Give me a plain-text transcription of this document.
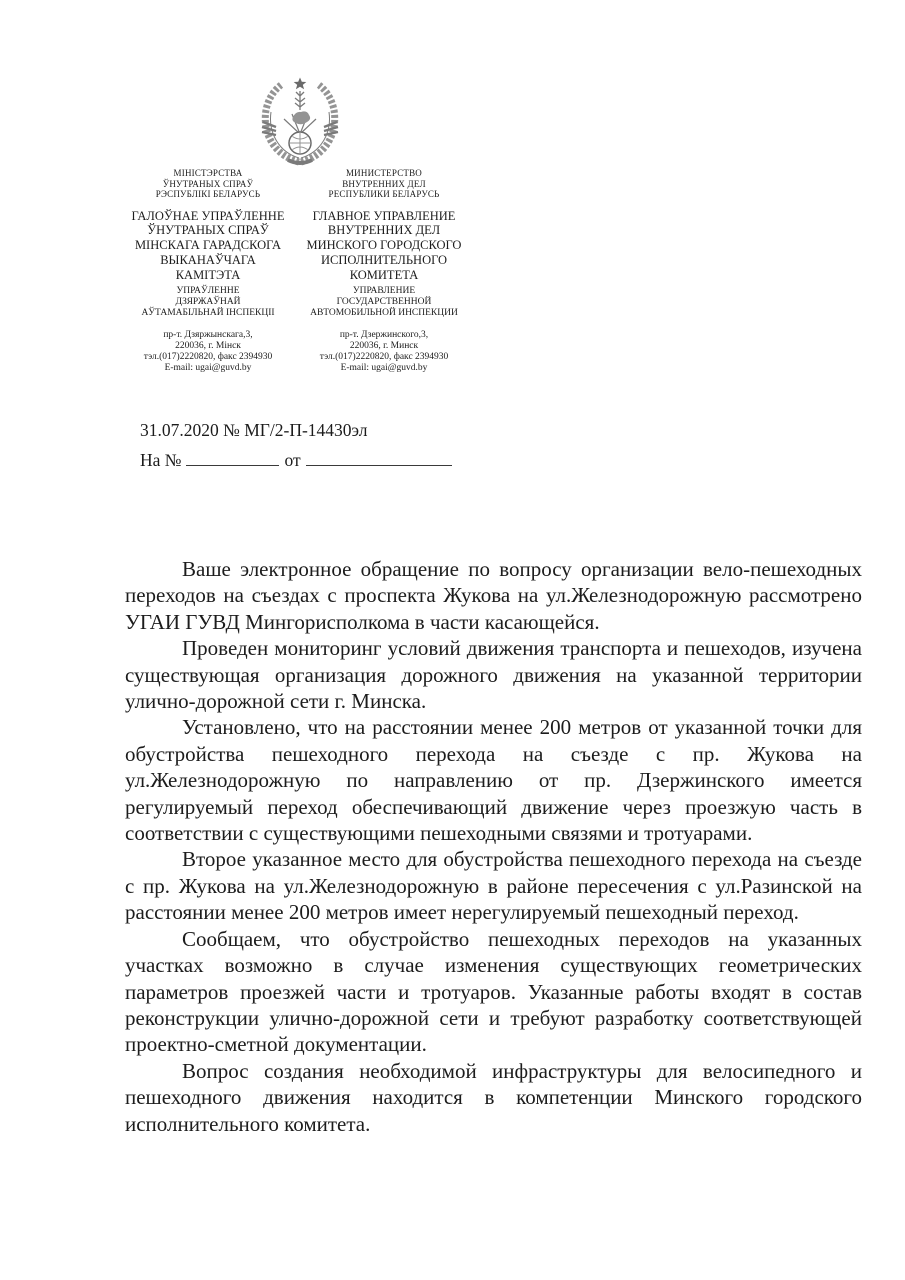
МІНІСТЭРСТВА
ЎНУТРАНЫХ СПРАЎ
РЭСПУБЛІКІ БЕЛАРУСЬ
ГАЛОЎНАЕ УПРАЎЛЕННЕ
ЎНУТРАНЫХ СПРАЎ
МІНСКАГА ГАРАДСКОГА
ВЫКАНАЎЧАГА
КАМІТЭТА
УПРАЎЛЕННЕ
ДЗЯРЖАЎНАЙ
АЎТАМАБІЛЬНАЙ ІНСПЕКЦІІ
пр-т. Дзяржынскага,3,
220036, г. Мінск
тэл.(017)2220820, факс 2394930
E-mail: ugai@guvd.by
МИНИСТЕРСТВО
ВНУТРЕННИХ ДЕЛ
РЕСПУБЛИКИ БЕЛАРУСЬ
ГЛАВНОЕ УПРАВЛЕНИЕ
ВНУТРЕННИХ ДЕЛ
МИНСКОГО ГОРОДСКОГО
ИСПОЛНИТЕЛЬНОГО
КОМИТЕТА
УПРАВЛЕНИЕ
ГОСУДАРСТВЕННОЙ
АВТОМОБИЛЬНОЙ ИНСПЕКЦИИ
пр-т. Дзержинского,3,
220036, г. Минск
тэл.(017)2220820, факс 2394930
E-mail: ugai@guvd.by
31.07.2020 № МГ/2-П-14430эл
На №	от

Ваше электронное обращение по вопросу организации вело-пешеходных переходов на съездах с проспекта Жукова на ул.Железнодорожную рассмотрено УГАИ ГУВД Мингорисполкома в части касающейся.

Проведен мониторинг условий движения транспорта и пешеходов, изучена существующая организация дорожного движения на указанной территории улично-дорожной сети г. Минска.

Установлено, что на расстоянии менее 200 метров от указанной точки для обустройства пешеходного перехода на съезде с пр. Жукова на ул.Железнодорожную по направлению от пр. Дзержинского имеется регулируемый переход обеспечивающий движение через проезжую часть в соответствии с существующими пешеходными связями и тротуарами.

Второе указанное место для обустройства пешеходного перехода на съезде с пр. Жукова на ул.Железнодорожную в районе пересечения с ул.Разинской на расстоянии менее 200 метров имеет нерегулируемый пешеходный переход.

Сообщаем, что обустройство пешеходных переходов на указанных участках возможно в случае изменения существующих геометрических параметров проезжей части и тротуаров. Указанные работы входят в состав реконструкции улично-дорожной сети и требуют разработку соответствующей проектно-сметной документации.

Вопрос создания необходимой инфраструктуры для велосипедного и пешеходного движения находится в компетенции Минского городского исполнительного комитета.
